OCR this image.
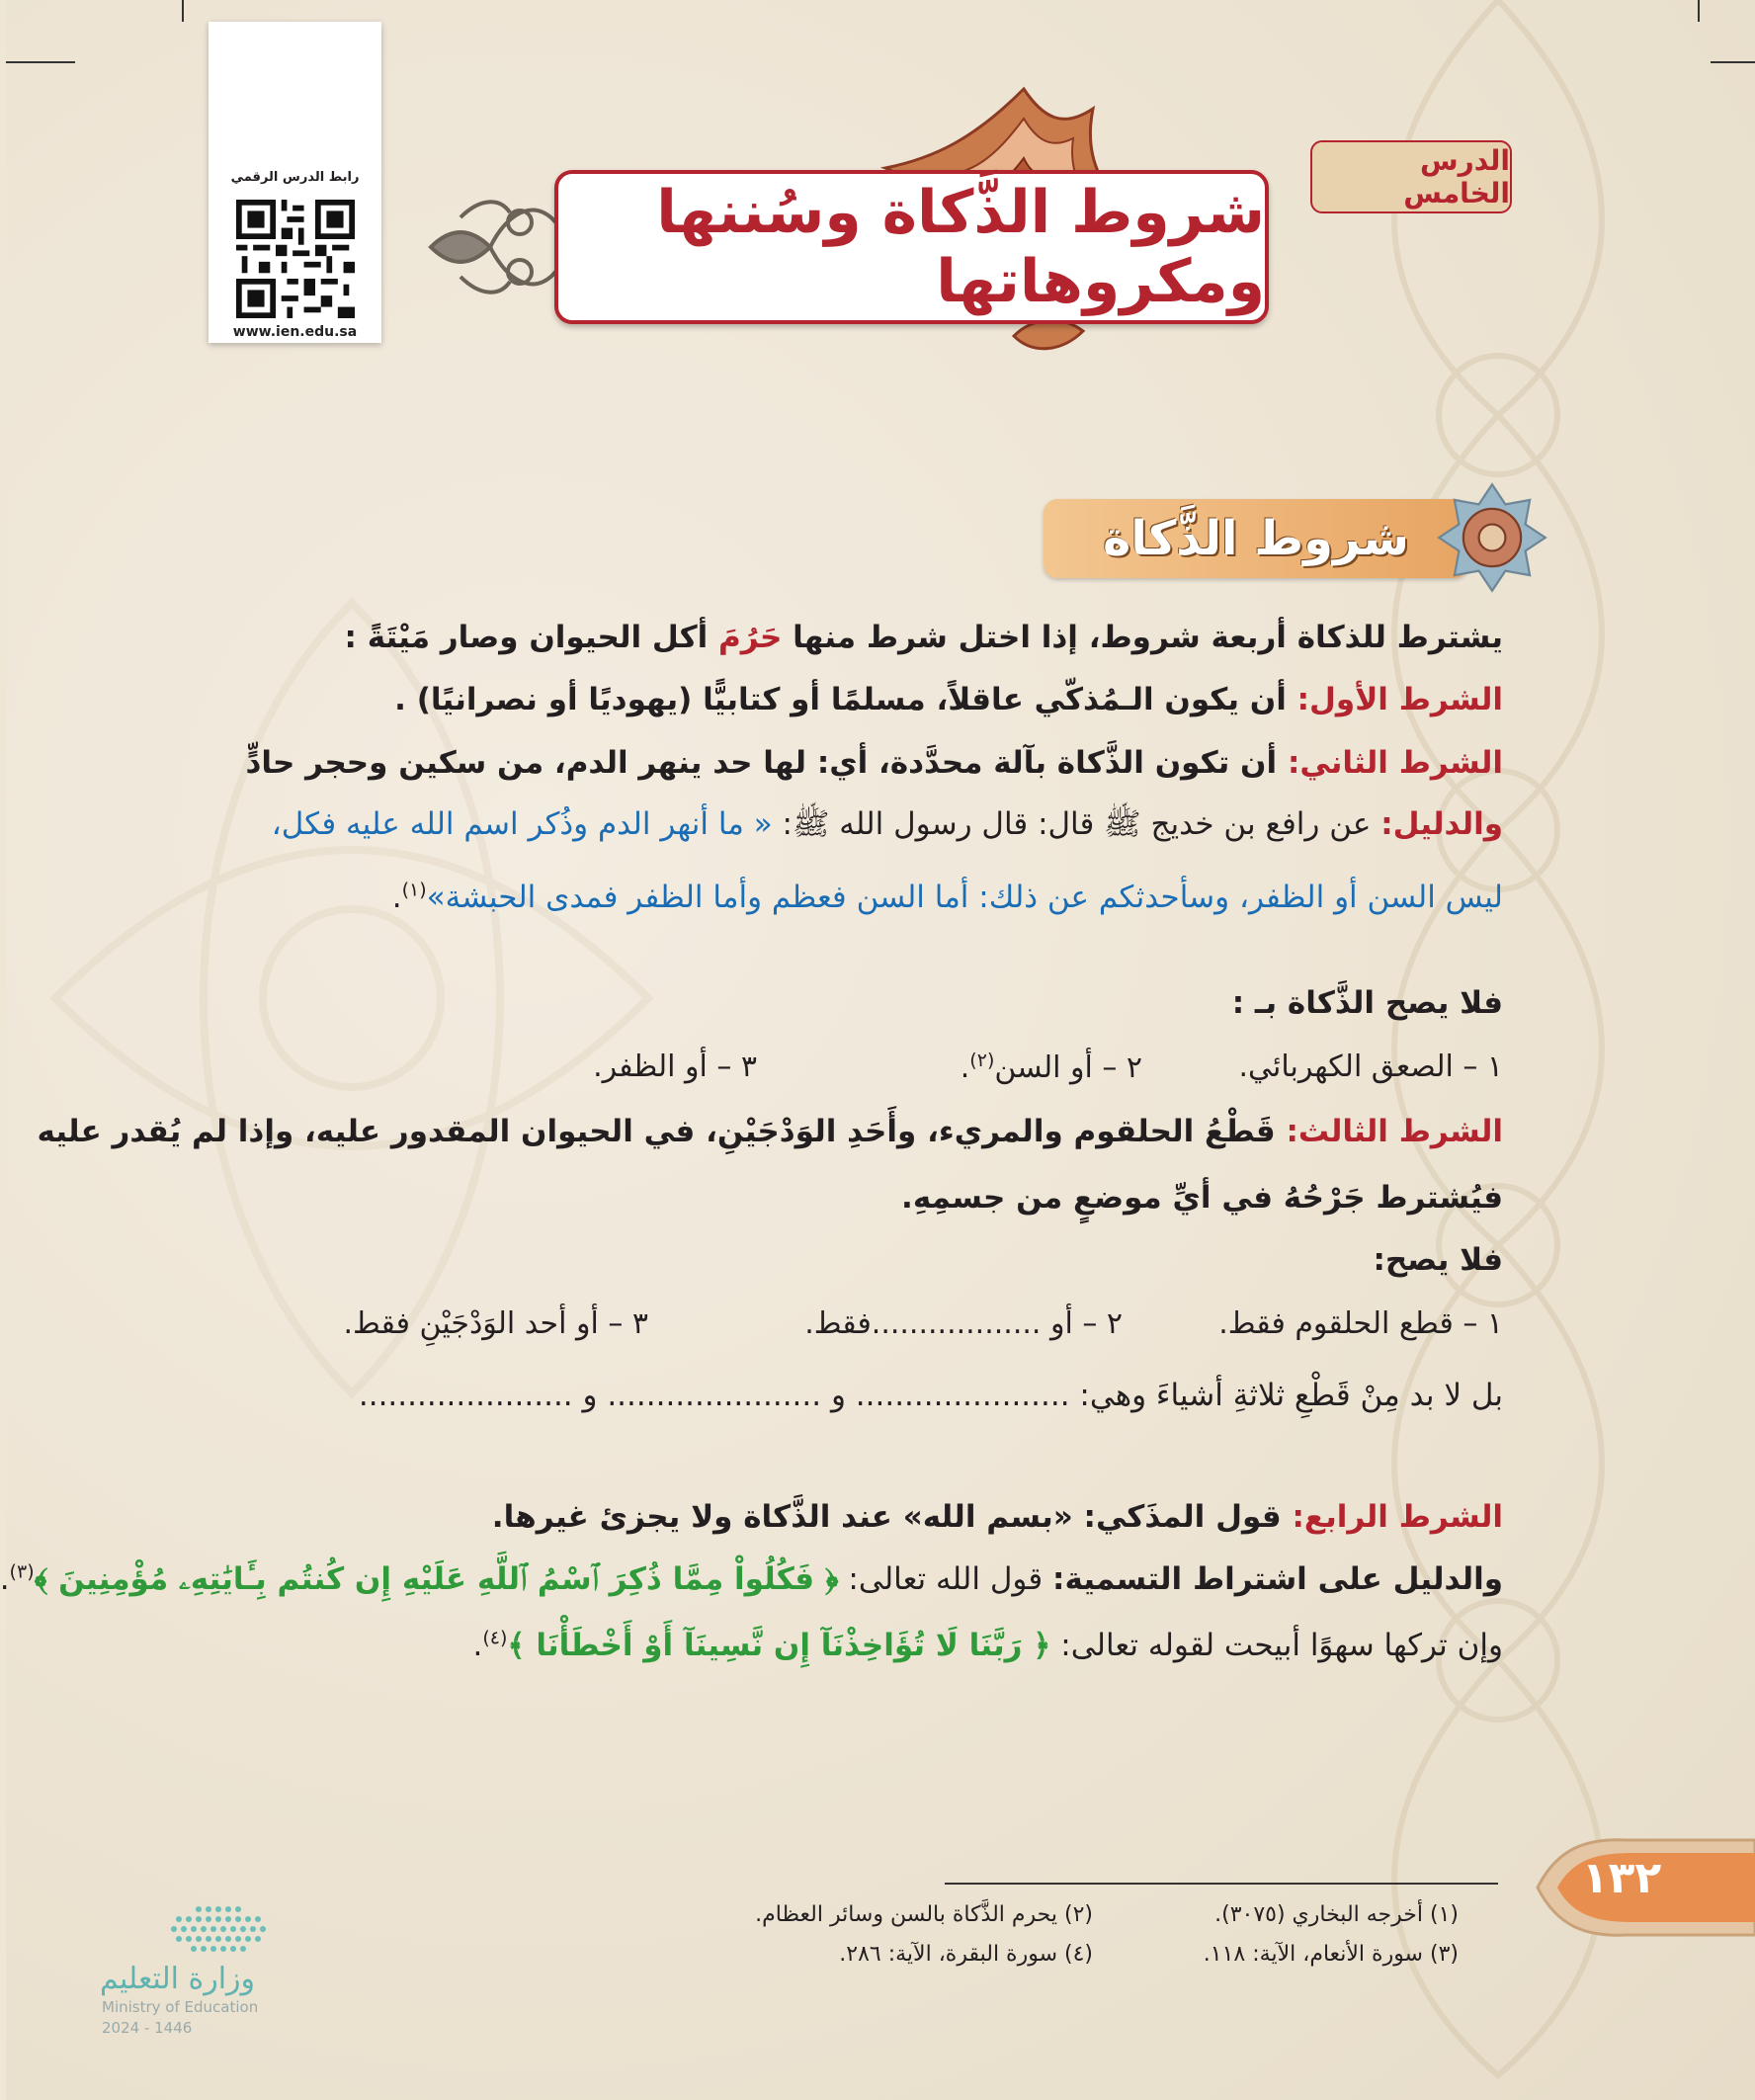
رابط الدرس الرقمي
www.ien.edu.sa
شروط الذَّكاة وسُننها ومكروهاتها
الدرس الخامس
شروط الذَّكاة
يشترط للذكاة أربعة شروط، إذا اختل شرط منها حَرُمَ أكل الحيوان وصار مَيْتَةً :
الشرط الأول: أن يكون الـمُذكّي عاقلاً، مسلمًا أو كتابيًّا (يهوديًا أو نصرانيًا) .
الشرط الثاني: أن تكون الذَّكاة بآلة محدَّدة، أي: لها حد ينهر الدم، من سكين وحجر حادٍّ
والدليل: عن رافع بن خديج ﷺ قال: قال رسول الله ﷺ: « ما أنهر الدم وذُكر اسم الله عليه فكل،
ليس السن أو الظفر، وسأحدثكم عن ذلك: أما السن فعظم وأما الظفر فمدى الحبشة»$^{(١)}$.
فلا يصح الذَّكاة بـ :
١ – الصعق الكهربائي.
٢ – أو السن$^{(٢)}$.
٣ – أو الظفر.
الشرط الثالث: قَطْعُ الحلقوم والمريء، وأَحَدِ الوَدْجَيْنِ، في الحيوان المقدور عليه، وإذا لم يُقدر عليه
فيُشترط جَرْحُهُ في أيِّ موضعٍ من جسمِهِ.
فلا يصح:
١ – قطع الحلقوم فقط.
٢ – أو ..................فقط.
٣ – أو أحد الوَدْجَيْنِ فقط.
بل لا بد مِنْ قَطْعِ ثلاثةِ أشياءَ وهي: ...................... و ...................... و ......................
الشرط الرابع: قول المذَكي: «بسم الله» عند الذَّكاة ولا يجزئ غيرها.
والدليل على اشتراط التسمية: قول الله تعالى: ﴿ فَكُلُواْ مِمَّا ذُكِرَ ٱسْمُ ٱللَّهِ عَلَيْهِ إِن كُنتُم بِـَٔايَٰتِهِۦ مُؤْمِنِينَ ﴾$^{(٣)}$.
وإن تركها سهوًا أبيحت لقوله تعالى: ﴿ رَبَّنَا لَا تُؤَاخِذْنَآ إِن نَّسِينَآ أَوْ أَخْطَأْنَا ﴾$^{(٤)}$.
(١) أخرجه البخاري (٣٠٧٥).
(٢) يحرم الذَّكاة بالسن وسائر العظام.
(٣) سورة الأنعام، الآية: ١١٨.
(٤) سورة البقرة، الآية: ٢٨٦.
١٣٢
وزارة التعليم
Ministry of Education
2024 - 1446
